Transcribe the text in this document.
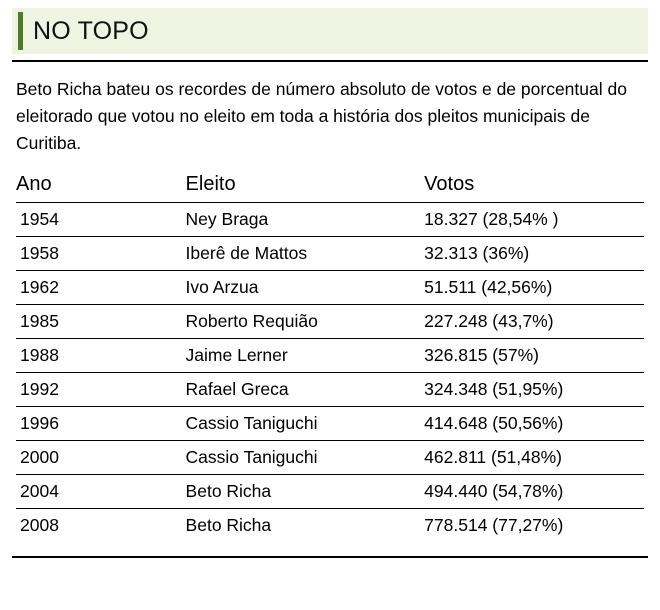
NO TOPO

Beto Richa bateu os recordes de número absoluto de votos e de porcentual do eleitorado que votou no eleito em toda a história dos pleitos municipais de Curitiba.

Ano	Eleito	Votos
1954	Ney Braga	18.327 (28,54% )
1958	Iberê de Mattos	32.313 (36%)
1962	Ivo Arzua	51.511 (42,56%)
1985	Roberto Requião	227.248 (43,7%)
1988	Jaime Lerner	326.815 (57%)
1992	Rafael Greca	324.348 (51,95%)
1996	Cassio Taniguchi	414.648 (50,56%)
2000	Cassio Taniguchi	462.811 (51,48%)
2004	Beto Richa	494.440 (54,78%)
2008	Beto Richa	778.514 (77,27%)
